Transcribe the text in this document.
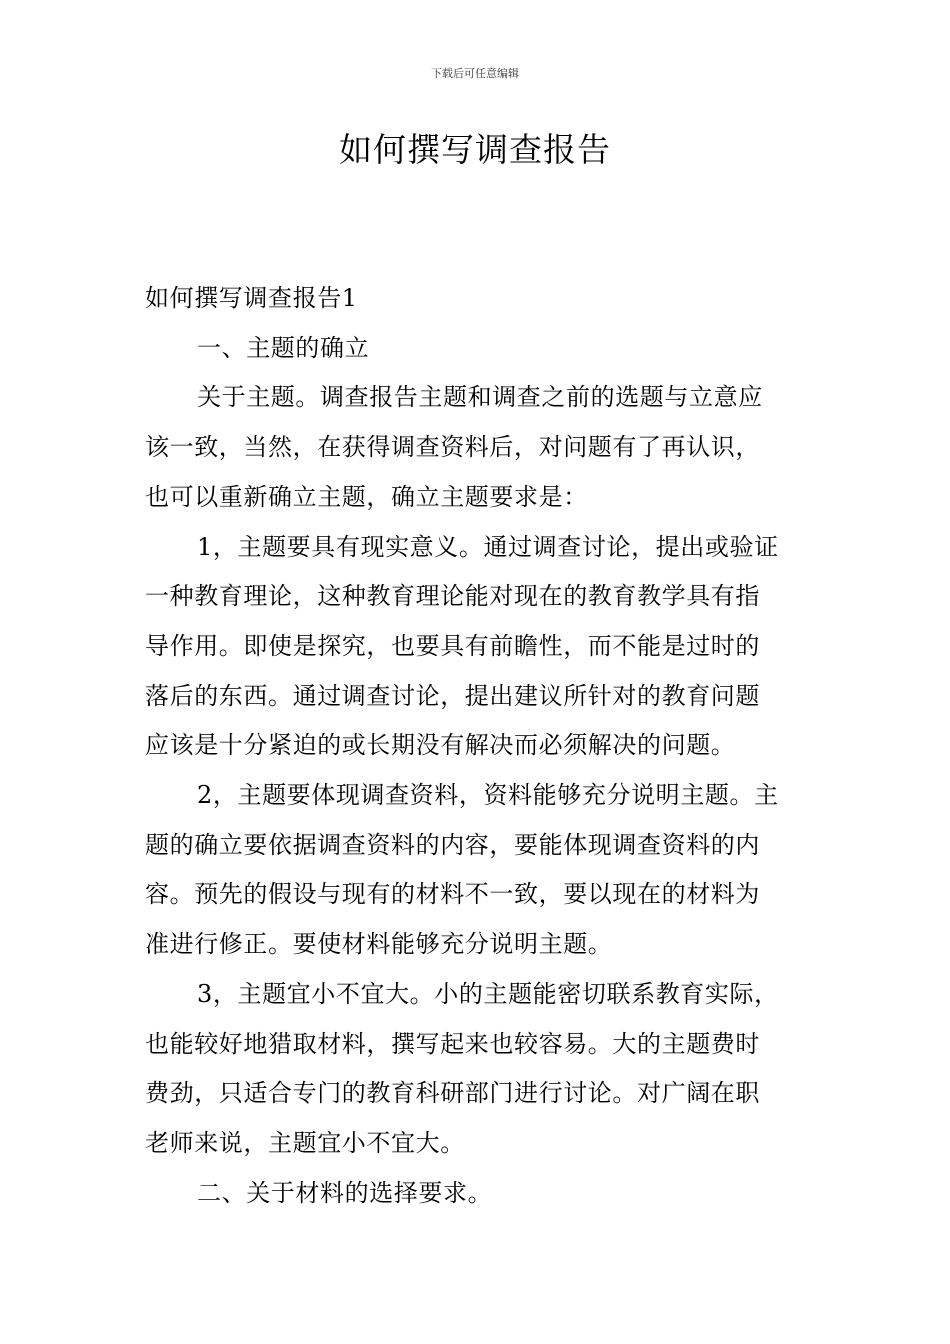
下载后可任意编辑
如何撰写调查报告
如何撰写调查报告1
一、主题的确立
关于主题。调查报告主题和调查之前的选题与立意应
该一致，当然，在获得调查资料后，对问题有了再认识，
也可以重新确立主题，确立主题要求是：
1，主题要具有现实意义。通过调查讨论，提出或验证
一种教育理论，这种教育理论能对现在的教育教学具有指
导作用。即使是探究，也要具有前瞻性，而不能是过时的
落后的东西。通过调查讨论，提出建议所针对的教育问题
应该是十分紧迫的或长期没有解决而必须解决的问题。
2，主题要体现调查资料，资料能够充分说明主题。主
题的确立要依据调查资料的内容，要能体现调查资料的内
容。预先的假设与现有的材料不一致，要以现在的材料为
准进行修正。要使材料能够充分说明主题。
3，主题宜小不宜大。小的主题能密切联系教育实际，
也能较好地猎取材料，撰写起来也较容易。大的主题费时
费劲，只适合专门的教育科研部门进行讨论。对广阔在职
老师来说，主题宜小不宜大。
二、关于材料的选择要求。
